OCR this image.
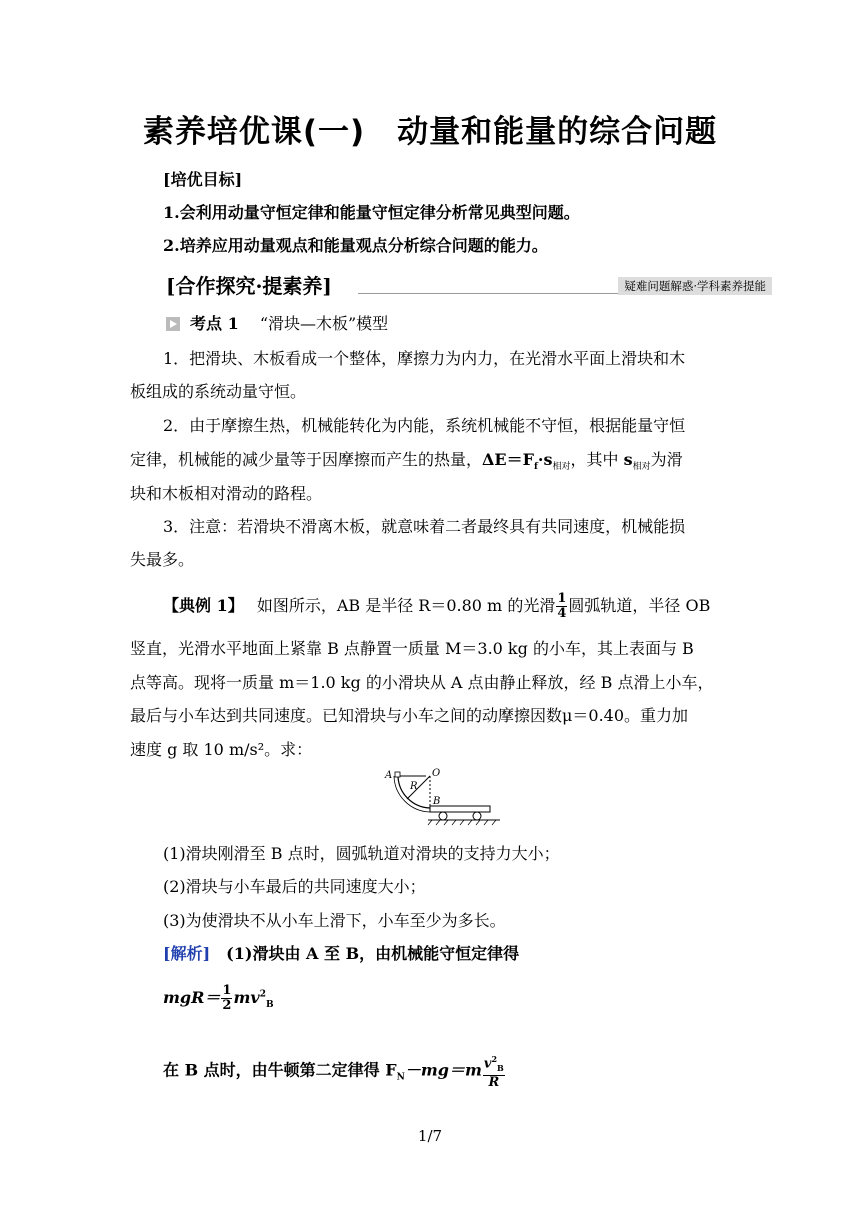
素养培优课(一)　动量和能量的综合问题
[培优目标]
1.会利用动量守恒定律和能量守恒定律分析常见典型问题。
2.培养应用动量观点和能量观点分析综合问题的能力。
[合作探究·提素养]	疑难问题解惑·学科素养提能
考点 1　 “滑块—木板”模型
1．把滑块、木板看成一个整体，摩擦力为内力，在光滑水平面上滑块和木
板组成的系统动量守恒。
2．由于摩擦生热，机械能转化为内能，系统机械能不守恒，根据能量守恒
定律，机械能的减少量等于因摩擦而产生的热量，$\Delta E=F_f\cdot s_{相对}$，其中 $s_{相对}$为滑
块和木板相对滑动的路程。
3．注意：若滑块不滑离木板，就意味着二者最终具有共同速度，机械能损
失最多。
【典例 1】　 如图所示，AB 是半径 R＝0.80 m 的光滑 $\frac{1}{4}$ 圆弧轨道，半径 OB
竖直，光滑水平地面上紧靠 B 点静置一质量 M＝3.0 kg 的小车，其上表面与 B
点等高。现将一质量 m＝1.0 kg 的小滑块从 A 点由静止释放，经 B 点滑上小车，
最后与小车达到共同速度。已知滑块与小车之间的动摩擦因数μ＝0.40。重力加
速度 g 取 10 m/s²。求：
A	O
R
B
(1)滑块刚滑至 B 点时，圆弧轨道对滑块的支持力大小；
(2)滑块与小车最后的共同速度大小；
(3)为使滑块不从小车上滑下，小车至少为多长。
[解析]　 (1)滑块由 A 至 B，由机械能守恒定律得
$mgR= \frac{1}{2} mv^2_B$
在 B 点时，由牛顿第二定律得 $F_N-mg=m \frac{v^2_B}{R}$
1/7
